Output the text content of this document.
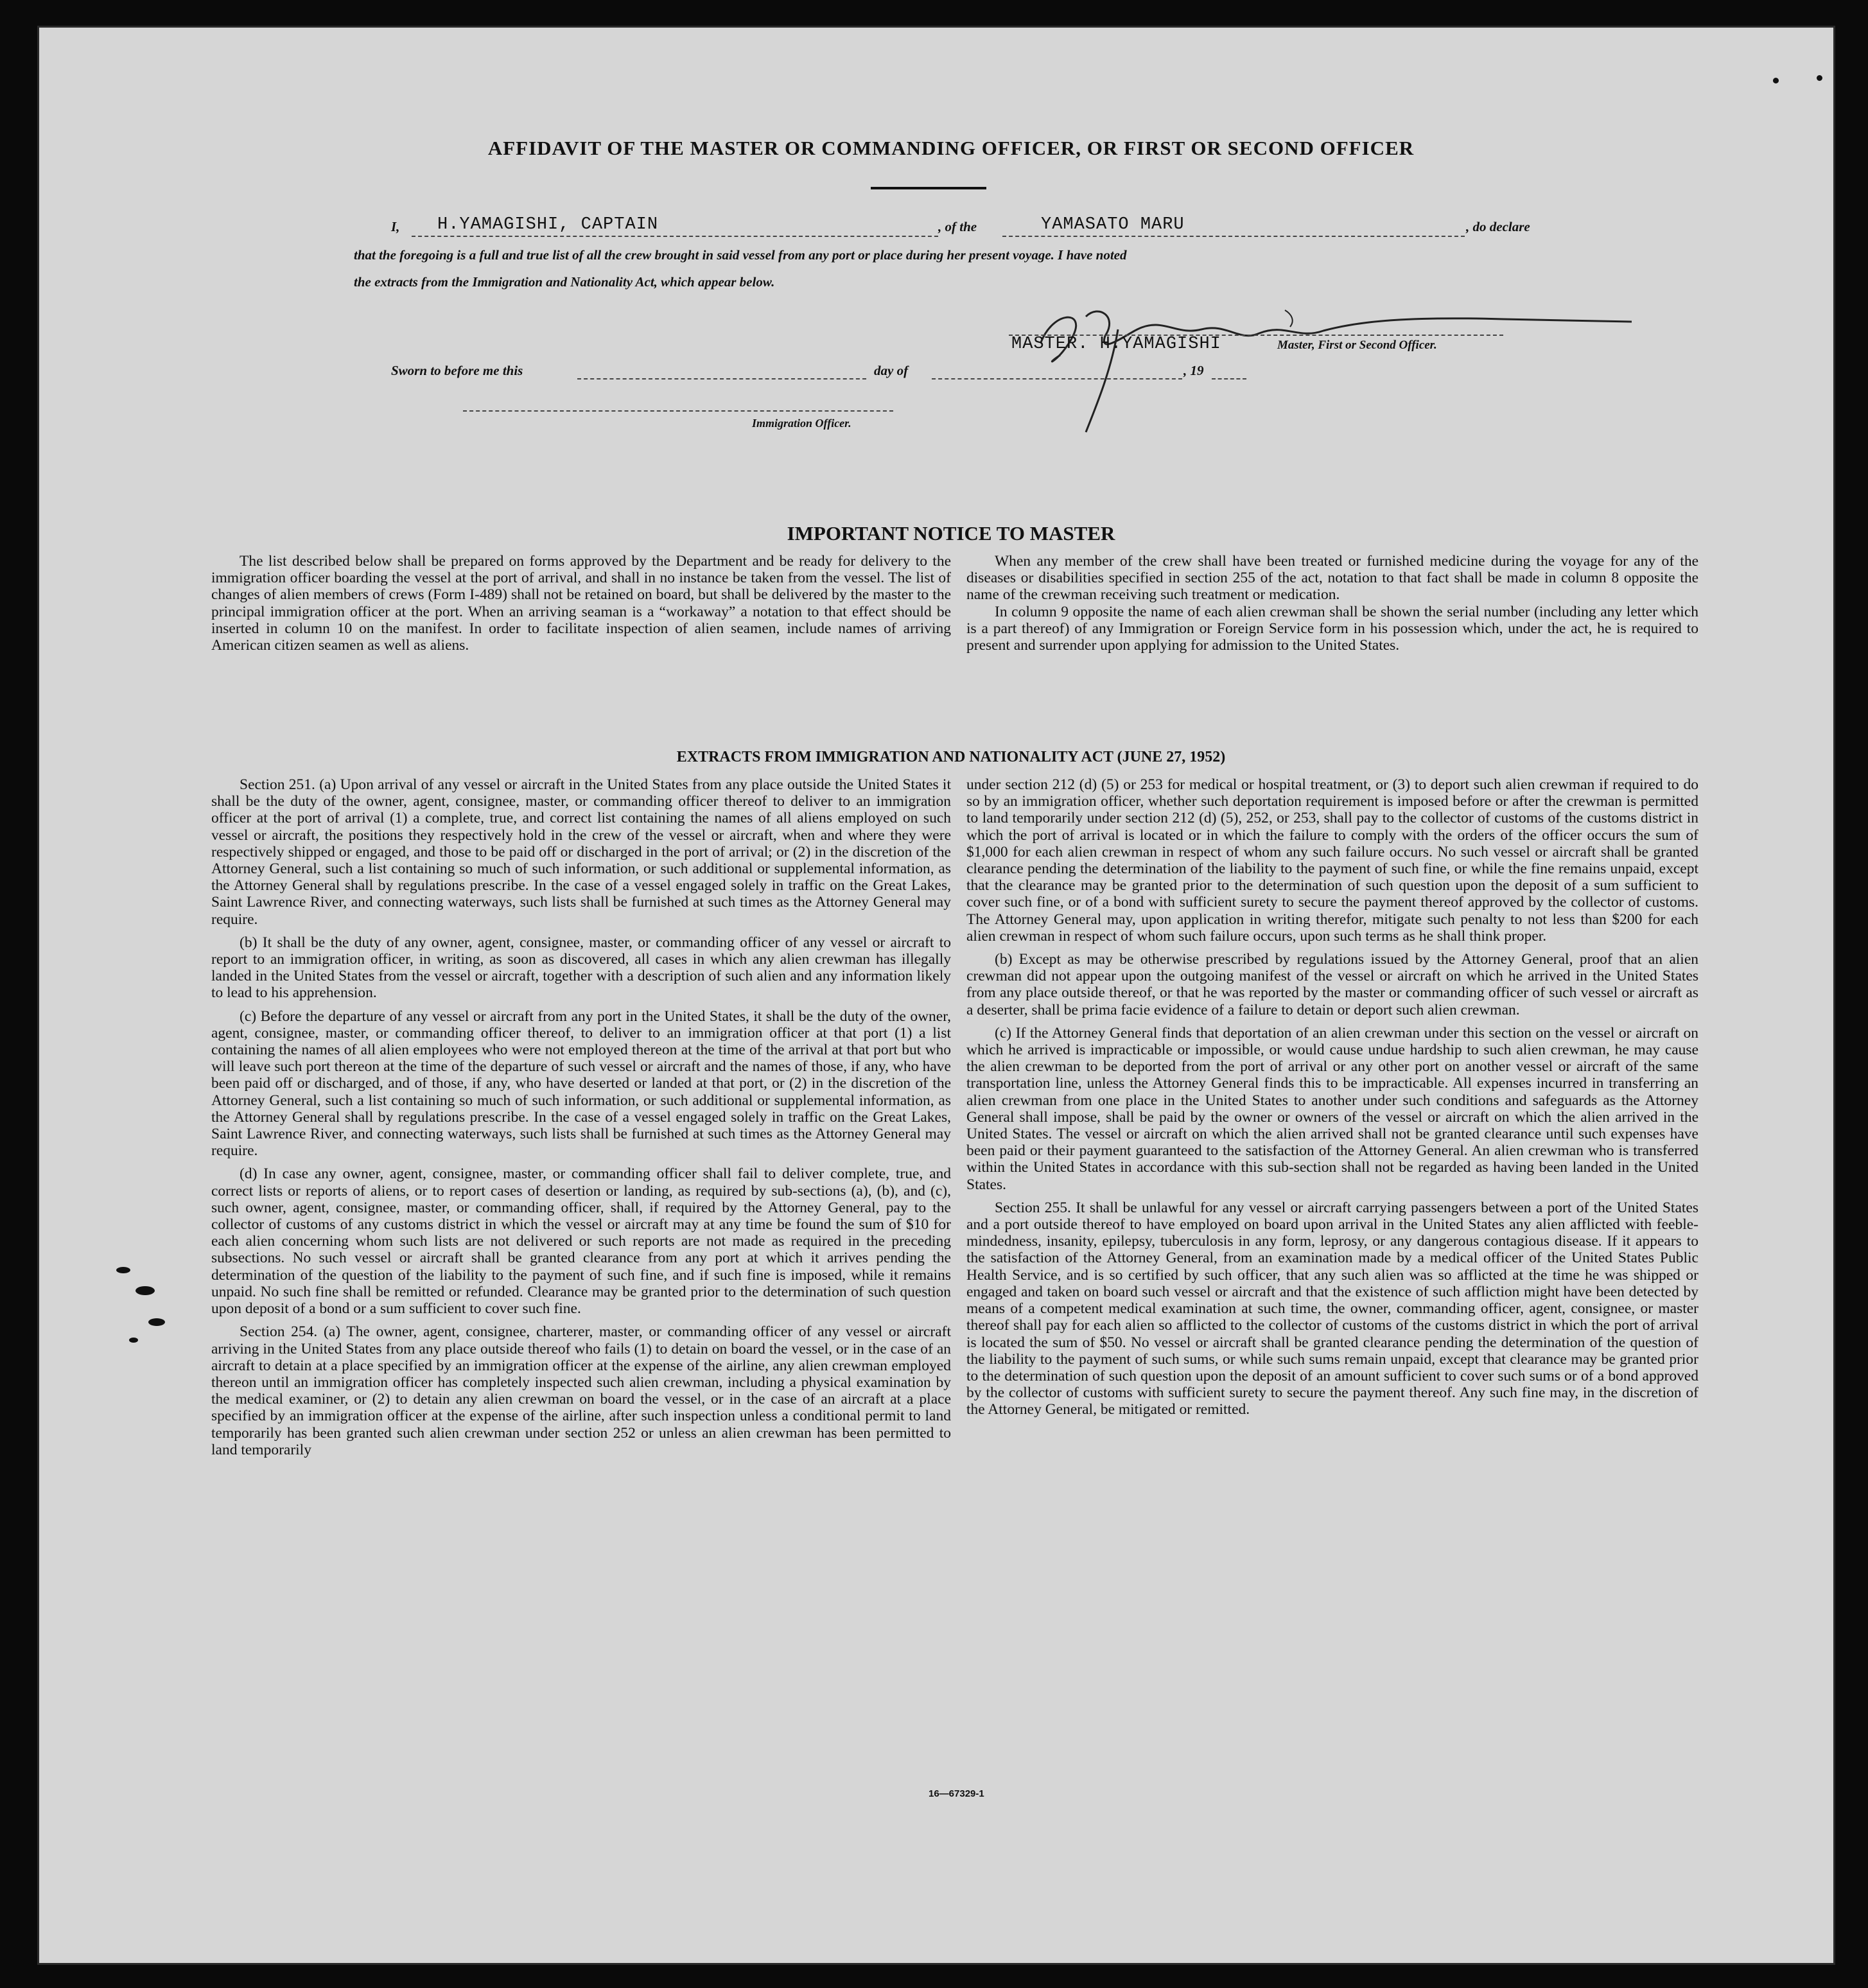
AFFIDAVIT OF THE MASTER OR COMMANDING OFFICER, OR FIRST OR SECOND OFFICER
I, H.YAMAGISHI, CAPTAIN	, of the	YAMASATO MARU	, do declare
that the foregoing is a full and true list of all the crew brought in said vessel from any port or place during her present voyage. I have noted
the extracts from the Immigration and Nationality Act, which appear below.
MASTER. H.YAMAGISHI	Master, First or Second Officer.
Sworn to before me this	day of	, 19
Immigration Officer.
IMPORTANT NOTICE TO MASTER

The list described below shall be prepared on forms approved by the Department and be ready for delivery to the immigration officer boarding the vessel at the port of arrival, and shall in no instance be taken from the vessel. The list of changes of alien members of crews (Form I-489) shall not be retained on board, but shall be delivered by the master to the principal immigration officer at the port. When an arriving seaman is a “workaway” a notation to that effect should be inserted in column 10 on the manifest. In order to facilitate inspection of alien seamen, include names of arriving American citizen seamen as well as aliens.

When any member of the crew shall have been treated or furnished medicine during the voyage for any of the diseases or disabilities specified in section 255 of the act, notation to that fact shall be made in column 8 opposite the name of the crewman receiving such treatment or medication.

In column 9 opposite the name of each alien crewman shall be shown the serial number (including any letter which is a part thereof) of any Immigration or Foreign Service form in his possession which, under the act, he is required to present and surrender upon applying for admission to the United States.

EXTRACTS FROM IMMIGRATION AND NATIONALITY ACT (JUNE 27, 1952)

Section 251. (a) Upon arrival of any vessel or aircraft in the United States from any place outside the United States it shall be the duty of the owner, agent, consignee, master, or commanding officer thereof to deliver to an immigration officer at the port of arrival (1) a complete, true, and correct list containing the names of all aliens employed on such vessel or aircraft, the positions they respectively hold in the crew of the vessel or aircraft, when and where they were respectively shipped or engaged, and those to be paid off or discharged in the port of arrival; or (2) in the discretion of the Attorney General, such a list containing so much of such information, or such additional or supplemental information, as the Attorney General shall by regulations prescribe. In the case of a vessel engaged solely in traffic on the Great Lakes, Saint Lawrence River, and connecting waterways, such lists shall be furnished at such times as the Attorney General may require.

(b) It shall be the duty of any owner, agent, consignee, master, or commanding officer of any vessel or aircraft to report to an immigration officer, in writing, as soon as discovered, all cases in which any alien crewman has illegally landed in the United States from the vessel or aircraft, together with a description of such alien and any information likely to lead to his apprehension.

(c) Before the departure of any vessel or aircraft from any port in the United States, it shall be the duty of the owner, agent, consignee, master, or commanding officer thereof, to deliver to an immigration officer at that port (1) a list containing the names of all alien employees who were not employed thereon at the time of the arrival at that port but who will leave such port thereon at the time of the departure of such vessel or aircraft and the names of those, if any, who have been paid off or discharged, and of those, if any, who have deserted or landed at that port, or (2) in the discretion of the Attorney General, such a list containing so much of such information, or such additional or supplemental information, as the Attorney General shall by regulations prescribe. In the case of a vessel engaged solely in traffic on the Great Lakes, Saint Lawrence River, and connecting waterways, such lists shall be furnished at such times as the Attorney General may require.

(d) In case any owner, agent, consignee, master, or commanding officer shall fail to deliver complete, true, and correct lists or reports of aliens, or to report cases of desertion or landing, as required by sub-sections (a), (b), and (c), such owner, agent, consignee, master, or commanding officer, shall, if required by the Attorney General, pay to the collector of customs of any customs district in which the vessel or aircraft may at any time be found the sum of $10 for each alien concerning whom such lists are not delivered or such reports are not made as required in the preceding subsections. No such vessel or aircraft shall be granted clearance from any port at which it arrives pending the determination of the question of the liability to the payment of such fine, and if such fine is imposed, while it remains unpaid. No such fine shall be remitted or refunded. Clearance may be granted prior to the determination of such question upon deposit of a bond or a sum sufficient to cover such fine.

Section 254. (a) The owner, agent, consignee, charterer, master, or commanding officer of any vessel or aircraft arriving in the United States from any place outside thereof who fails (1) to detain on board the vessel, or in the case of an aircraft to detain at a place specified by an immigration officer at the expense of the airline, any alien crewman employed thereon until an immigration officer has completely inspected such alien crewman, including a physical examination by the medical examiner, or (2) to detain any alien crewman on board the vessel, or in the case of an aircraft at a place specified by an immigration officer at the expense of the airline, after such inspection unless a conditional permit to land temporarily has been granted such alien crewman under section 252 or unless an alien crewman has been permitted to land temporarily

under section 212 (d) (5) or 253 for medical or hospital treatment, or (3) to deport such alien crewman if required to do so by an immigration officer, whether such deportation requirement is imposed before or after the crewman is permitted to land temporarily under section 212 (d) (5), 252, or 253, shall pay to the collector of customs of the customs district in which the port of arrival is located or in which the failure to comply with the orders of the officer occurs the sum of $1,000 for each alien crewman in respect of whom any such failure occurs. No such vessel or aircraft shall be granted clearance pending the determination of the liability to the payment of such fine, or while the fine remains unpaid, except that the clearance may be granted prior to the determination of such question upon the deposit of a sum sufficient to cover such fine, or of a bond with sufficient surety to secure the payment thereof approved by the collector of customs. The Attorney General may, upon application in writing therefor, mitigate such penalty to not less than $200 for each alien crewman in respect of whom such failure occurs, upon such terms as he shall think proper.

(b) Except as may be otherwise prescribed by regulations issued by the Attorney General, proof that an alien crewman did not appear upon the outgoing manifest of the vessel or aircraft on which he arrived in the United States from any place outside thereof, or that he was reported by the master or commanding officer of such vessel or aircraft as a deserter, shall be prima facie evidence of a failure to detain or deport such alien crewman.

(c) If the Attorney General finds that deportation of an alien crewman under this section on the vessel or aircraft on which he arrived is impracticable or impossible, or would cause undue hardship to such alien crewman, he may cause the alien crewman to be deported from the port of arrival or any other port on another vessel or aircraft of the same transportation line, unless the Attorney General finds this to be impracticable. All expenses incurred in transferring an alien crewman from one place in the United States to another under such conditions and safeguards as the Attorney General shall impose, shall be paid by the owner or owners of the vessel or aircraft on which the alien arrived in the United States. The vessel or aircraft on which the alien arrived shall not be granted clearance until such expenses have been paid or their payment guaranteed to the satisfaction of the Attorney General. An alien crewman who is transferred within the United States in accordance with this sub-section shall not be regarded as having been landed in the United States.

Section 255. It shall be unlawful for any vessel or aircraft carrying passengers between a port of the United States and a port outside thereof to have employed on board upon arrival in the United States any alien afflicted with feeble-mindedness, insanity, epilepsy, tuberculosis in any form, leprosy, or any dangerous contagious disease. If it appears to the satisfaction of the Attorney General, from an examination made by a medical officer of the United States Public Health Service, and is so certified by such officer, that any such alien was so afflicted at the time he was shipped or engaged and taken on board such vessel or aircraft and that the existence of such affliction might have been detected by means of a competent medical examination at such time, the owner, commanding officer, agent, consignee, or master thereof shall pay for each alien so afflicted to the collector of customs of the customs district in which the port of arrival is located the sum of $50. No vessel or aircraft shall be granted clearance pending the determination of the question of the liability to the payment of such sums, or while such sums remain unpaid, except that clearance may be granted prior to the determination of such question upon the deposit of an amount sufficient to cover such sums or of a bond approved by the collector of customs with sufficient surety to secure the payment thereof. Any such fine may, in the discretion of the Attorney General, be mitigated or remitted.

16—67329-1
